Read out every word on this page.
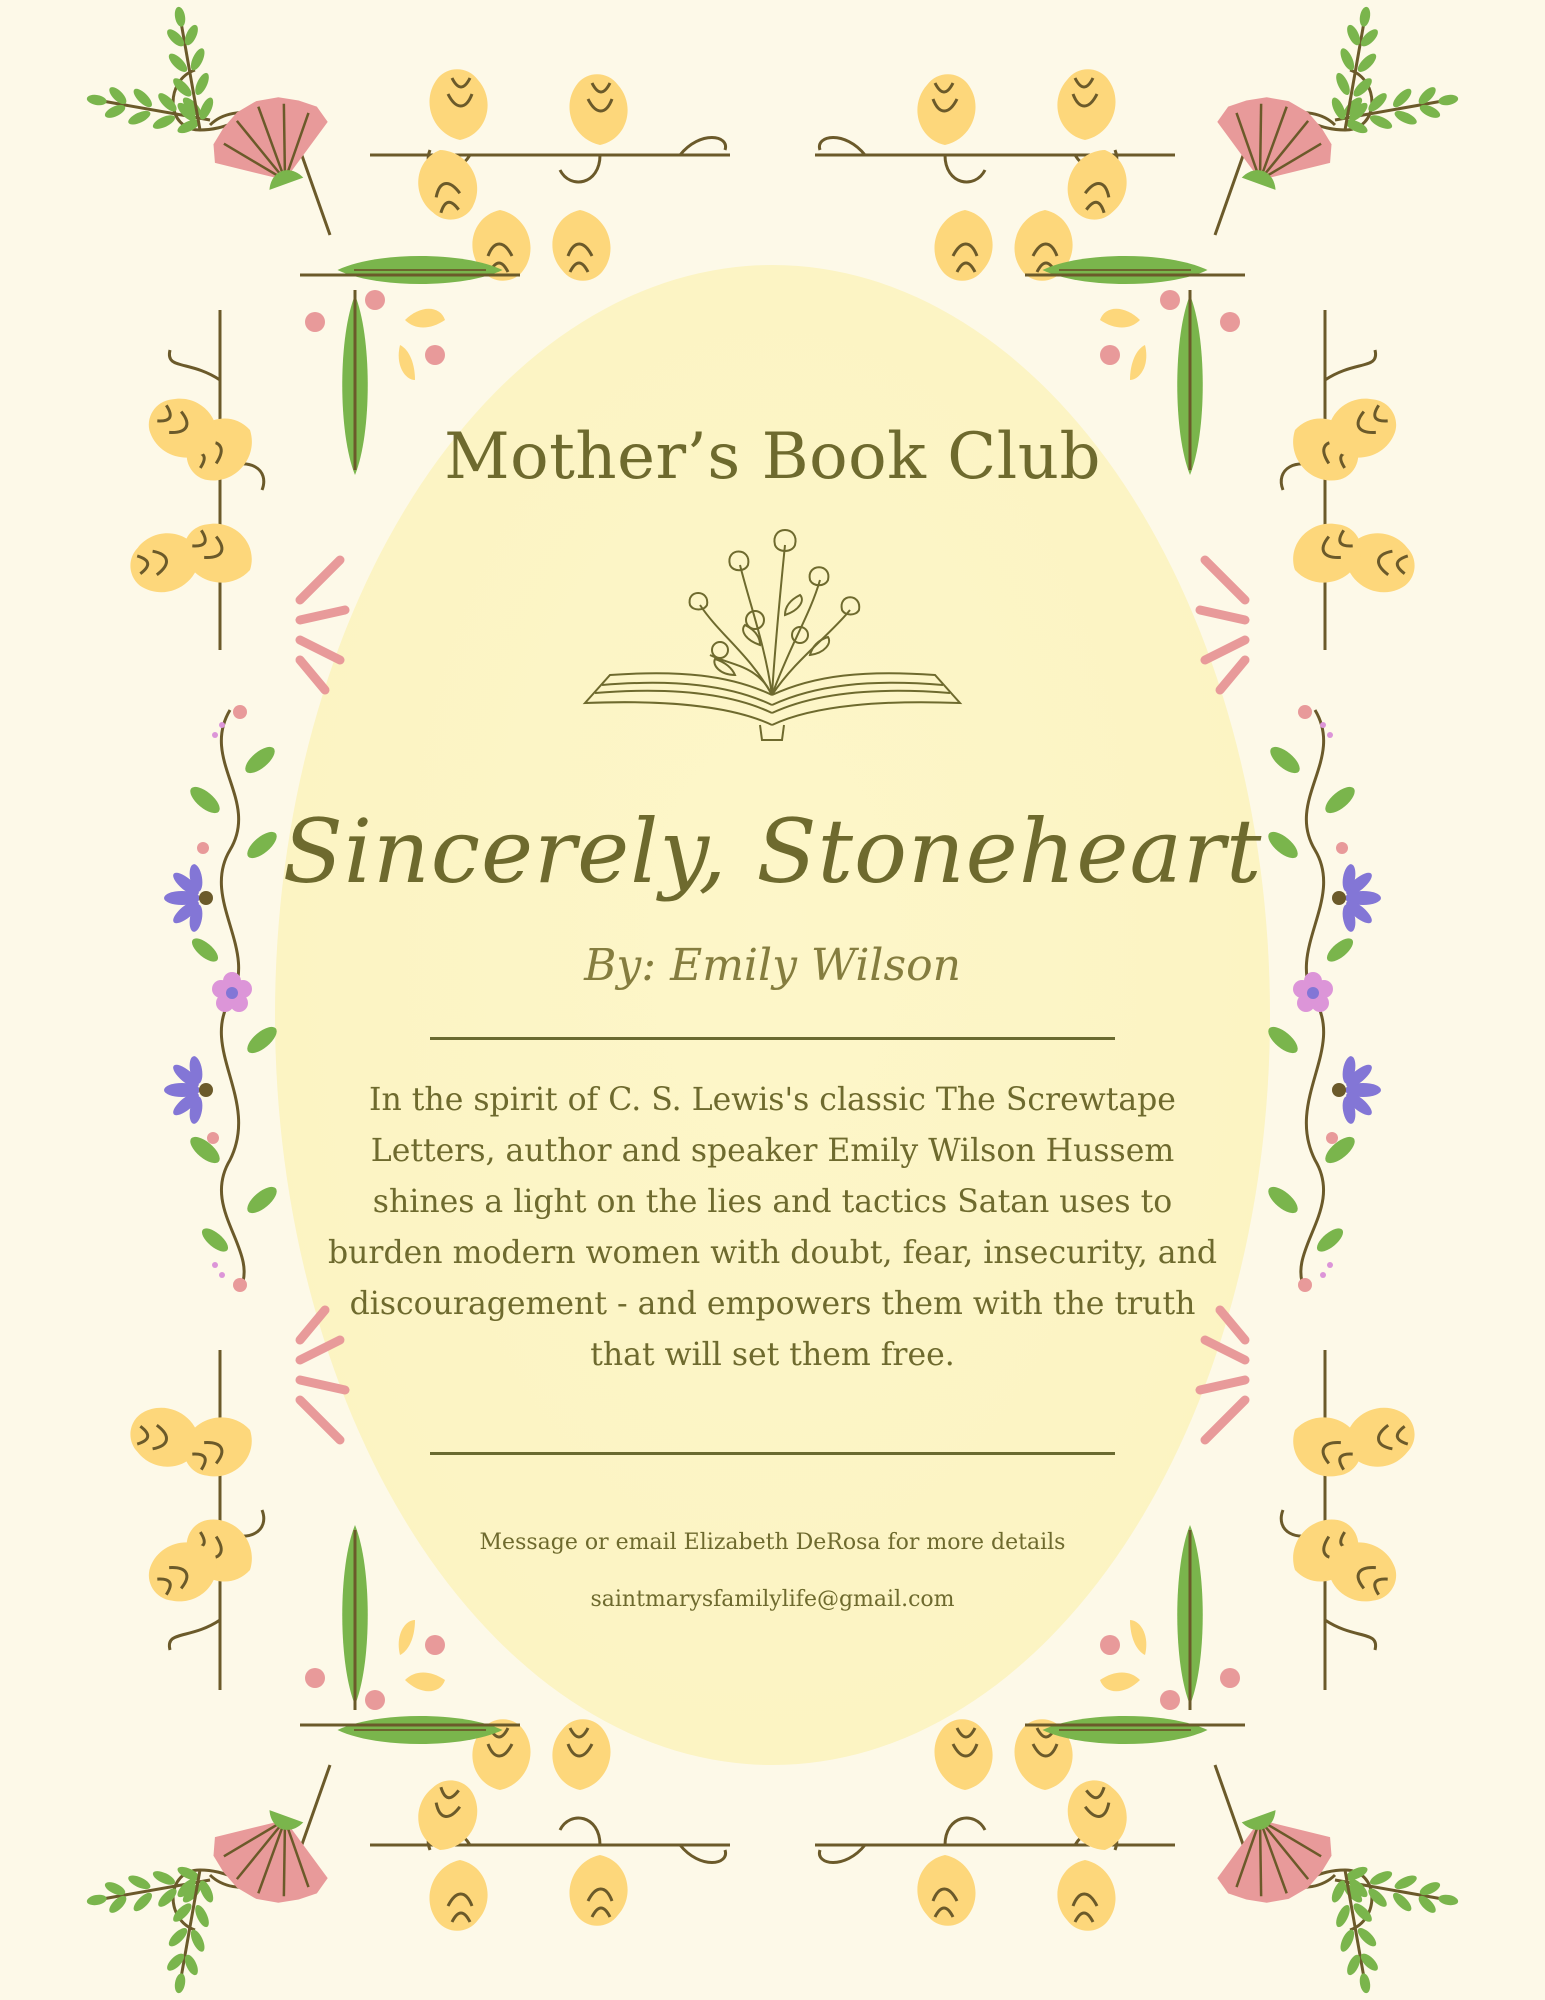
Mother’s Book Club
Sincerely, Stoneheart
By: Emily Wilson
In the spirit of C. S. Lewis's classic The Screwtape Letters, author and speaker Emily Wilson Hussem shines a light on the lies and tactics Satan uses to burden modern women with doubt, fear, insecurity, and discouragement - and empowers them with the truth that will set them free.
Message or email Elizabeth DeRosa for more details
saintmarysfamilylife@gmail.com
